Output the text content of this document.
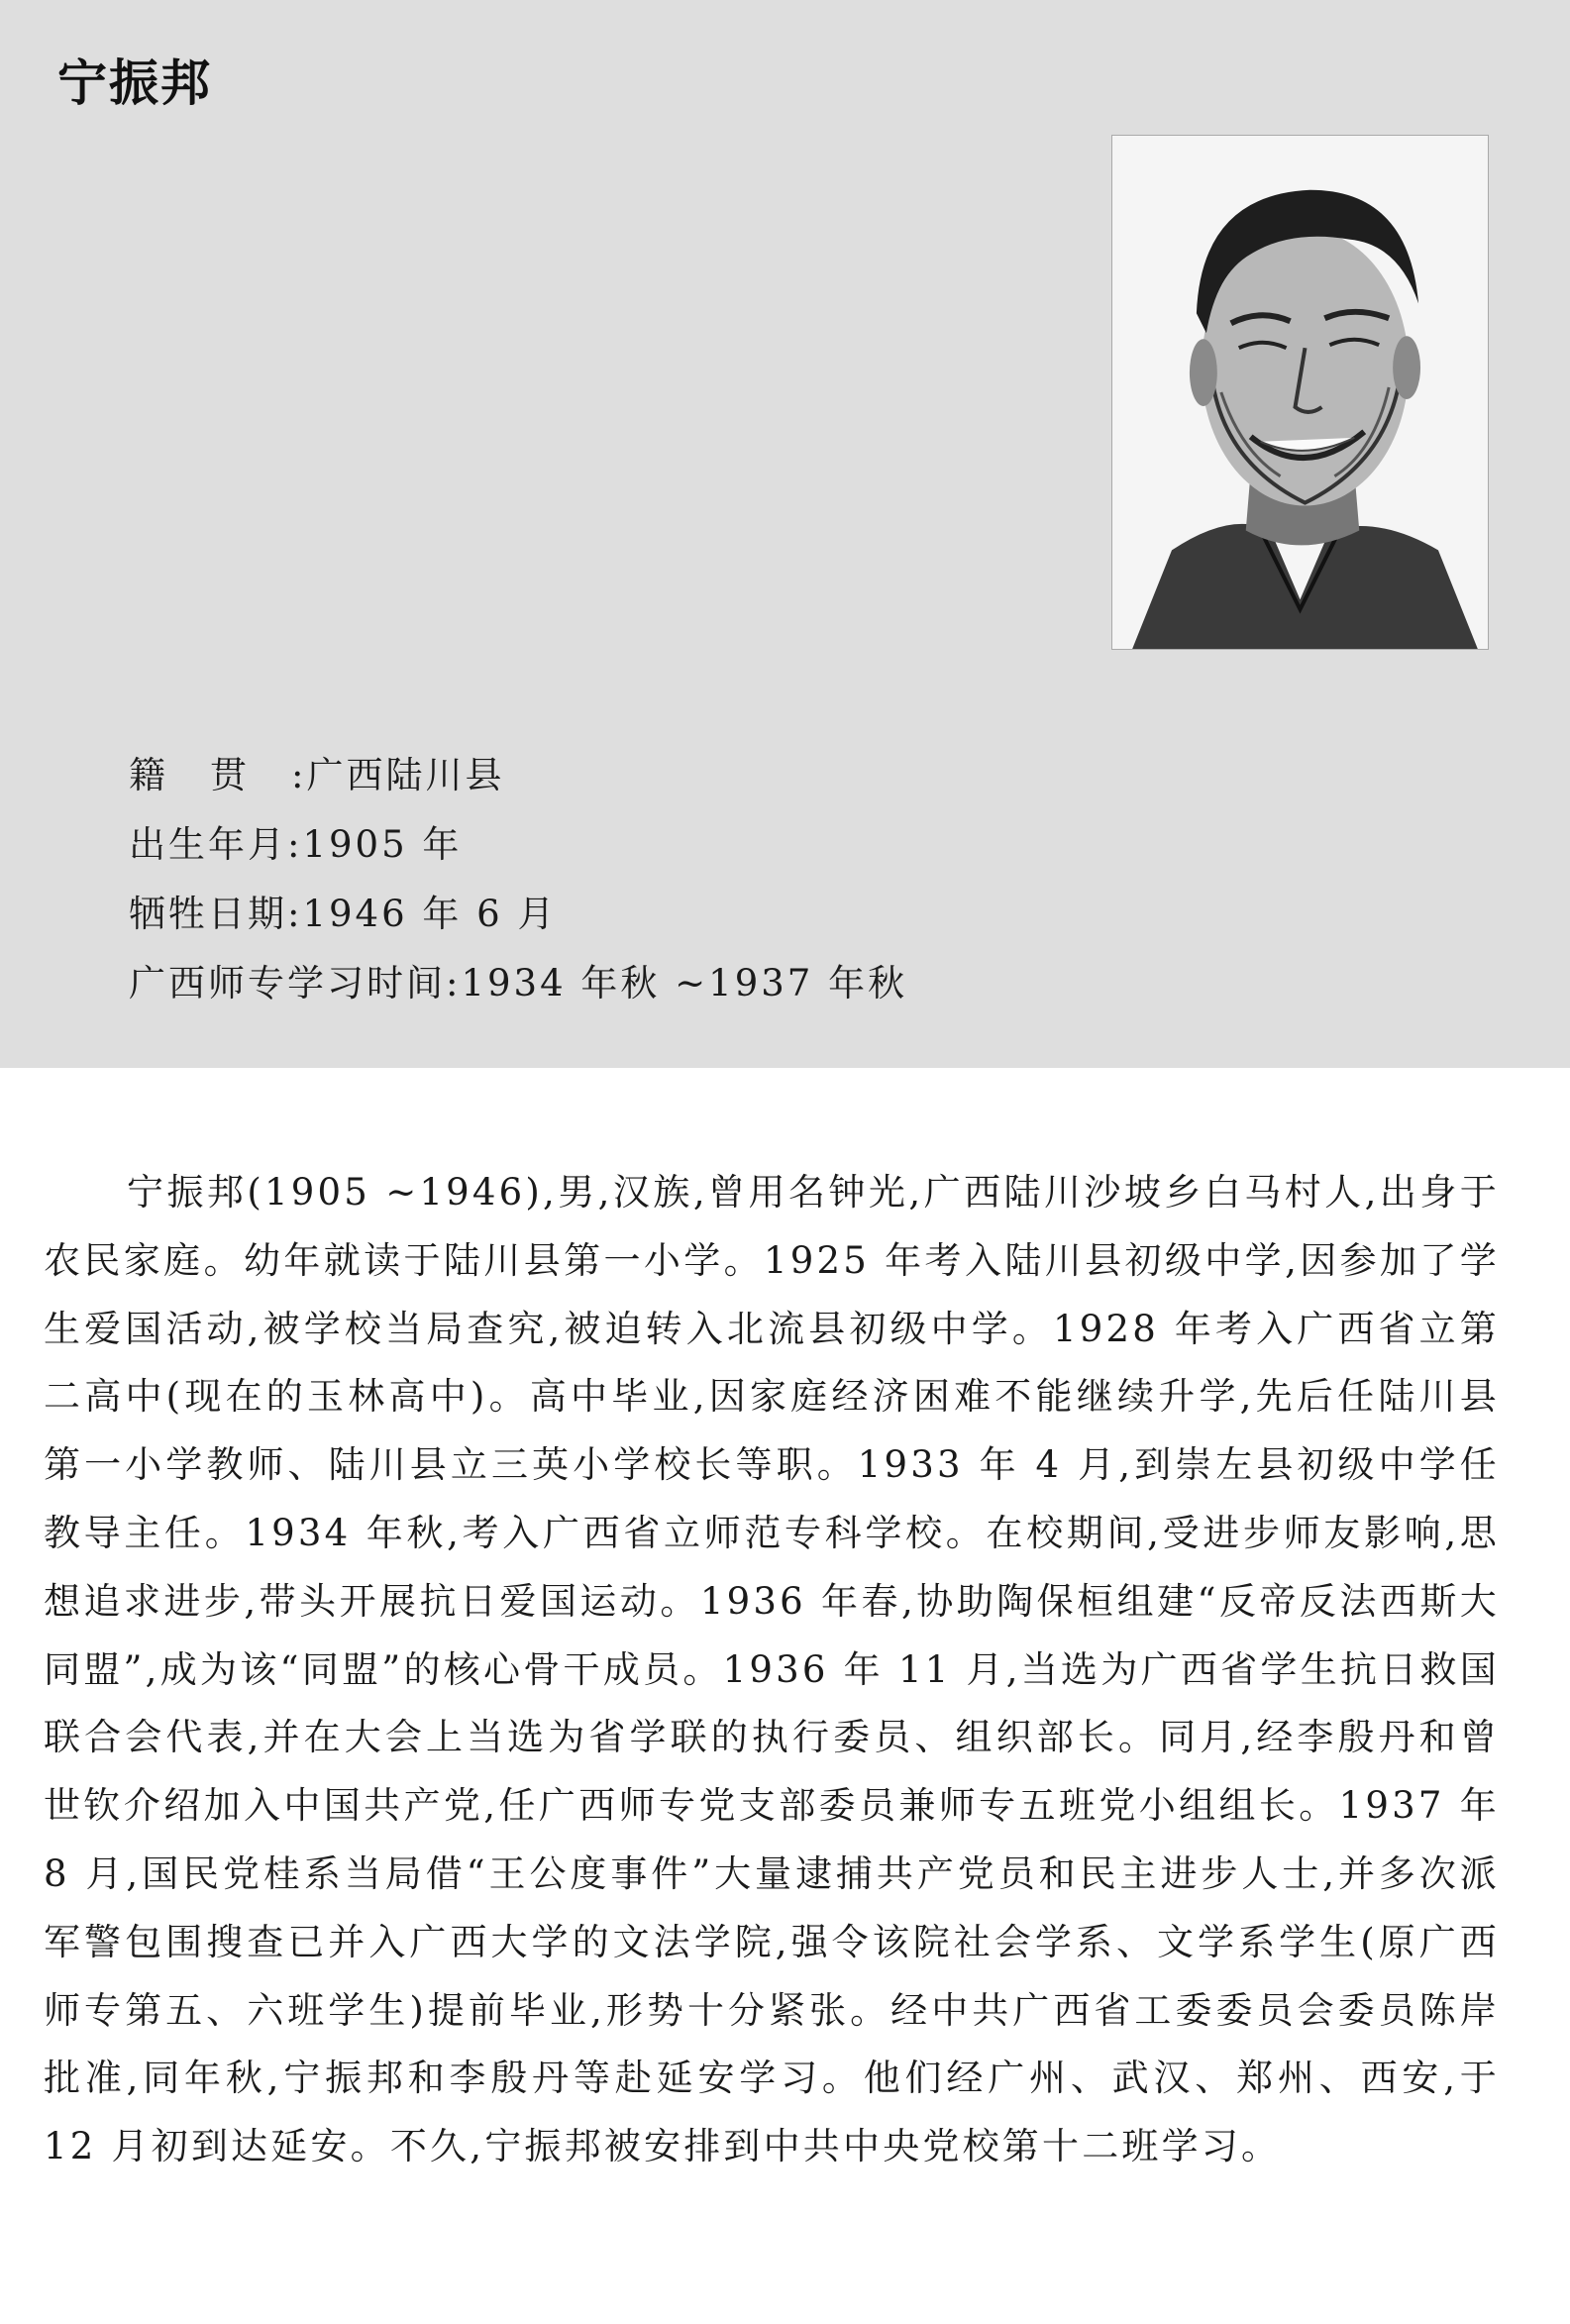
宁振邦
籍贯:广西陆川县
出生年月:1905 年
牺牲日期:1946 年 6 月
广西师专学习时间:1934 年秋 ~1937 年秋

宁振邦(1905 ~1946),男,汉族,曾用名钟光,广西陆川沙坡乡白马村人,出身于农民家庭。幼年就读于陆川县第一小学。1925 年考入陆川县初级中学,因参加了学生爱国活动,被学校当局查究,被迫转入北流县初级中学。1928 年考入广西省立第二高中(现在的玉林高中)。高中毕业,因家庭经济困难不能继续升学,先后任陆川县第一小学教师、陆川县立三英小学校长等职。1933 年 4 月,到崇左县初级中学任教导主任。1934 年秋,考入广西省立师范专科学校。在校期间,受进步师友影响,思想追求进步,带头开展抗日爱国运动。1936 年春,协助陶保桓组建“反帝反法西斯大同盟”,成为该“同盟”的核心骨干成员。1936 年 11 月,当选为广西省学生抗日救国联合会代表,并在大会上当选为省学联的执行委员、组织部长。同月,经李殷丹和曾世钦介绍加入中国共产党,任广西师专党支部委员兼师专五班党小组组长。1937 年 8 月,国民党桂系当局借“王公度事件”大量逮捕共产党员和民主进步人士,并多次派军警包围搜查已并入广西大学的文法学院,强令该院社会学系、文学系学生(原广西师专第五、六班学生)提前毕业,形势十分紧张。经中共广西省工委委员会委员陈岸批准,同年秋,宁振邦和李殷丹等赴延安学习。他们经广州、武汉、郑州、西安,于 12 月初到达延安。不久,宁振邦被安排到中共中央党校第十二班学习。
